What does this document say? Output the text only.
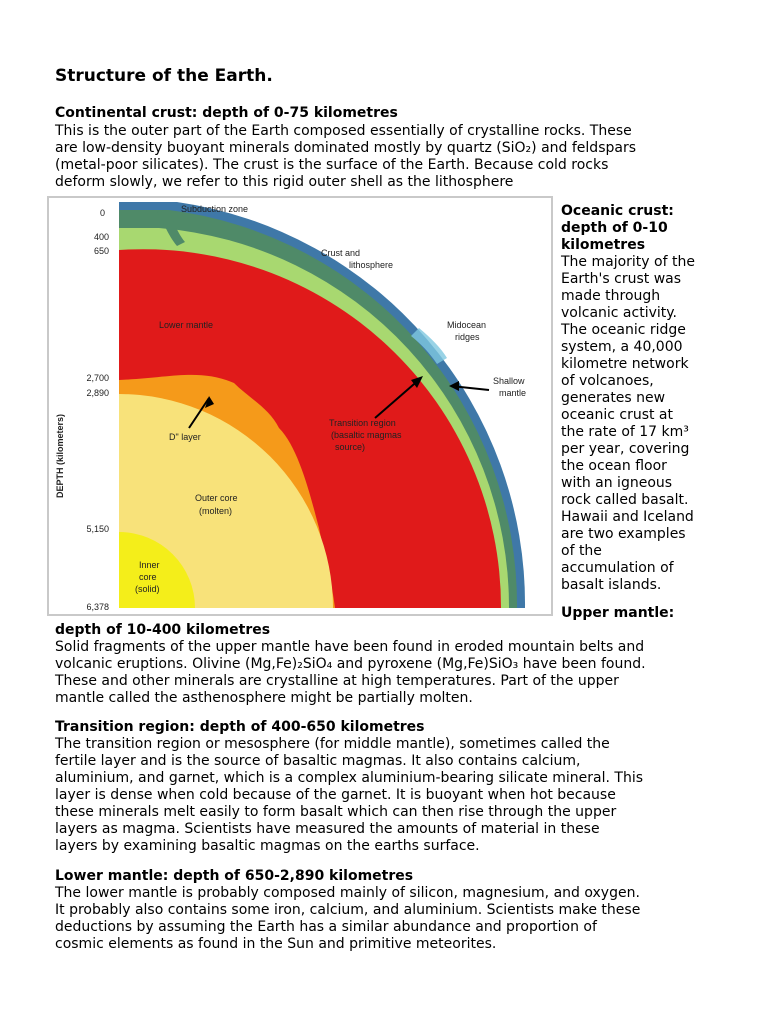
Structure of the Earth.
Continental crust: depth of 0-75 kilometres
This is the outer part of the Earth composed essentially of crystalline rocks. These
are low-density buoyant minerals dominated mostly by quartz (SiO₂) and feldspars
(metal-poor silicates). The crust is the surface of the Earth. Because cold rocks
deform slowly, we refer to this rigid outer shell as the lithosphere
DEPTH (kilometers)
0
400
650
2,700
2,890
5,150
6,378
Subduction zone
Crust and
lithosphere
Lower mantle	Midocean
ridges
Shallow
mantle
D" layer
Transition region
(basaltic magmas
source)
Outer core
(molten)
Inner
core
(solid)
Oceanic crust:
depth of 0-10
kilometres
The majority of the
Earth's crust was
made through
volcanic activity.
The oceanic ridge
system, a 40,000
kilometre network
of volcanoes,
generates new
oceanic crust at
the rate of 17 km³
per year, covering
the ocean floor
with an igneous
rock called basalt.
Hawaii and Iceland
are two examples
of the
accumulation of
basalt islands.
Upper mantle:
depth of 10-400 kilometres
Solid fragments of the upper mantle have been found in eroded mountain belts and
volcanic eruptions. Olivine (Mg,Fe)₂SiO₄ and pyroxene (Mg,Fe)SiO₃ have been found.
These and other minerals are crystalline at high temperatures. Part of the upper
mantle called the asthenosphere might be partially molten.
Transition region: depth of 400-650 kilometres
The transition region or mesosphere (for middle mantle), sometimes called the
fertile layer and is the source of basaltic magmas. It also contains calcium,
aluminium, and garnet, which is a complex aluminium-bearing silicate mineral. This
layer is dense when cold because of the garnet. It is buoyant when hot because
these minerals melt easily to form basalt which can then rise through the upper
layers as magma. Scientists have measured the amounts of material in these
layers by examining basaltic magmas on the earths surface.
Lower mantle: depth of 650-2,890 kilometres
The lower mantle is probably composed mainly of silicon, magnesium, and oxygen.
It probably also contains some iron, calcium, and aluminium. Scientists make these
deductions by assuming the Earth has a similar abundance and proportion of
cosmic elements as found in the Sun and primitive meteorites.
